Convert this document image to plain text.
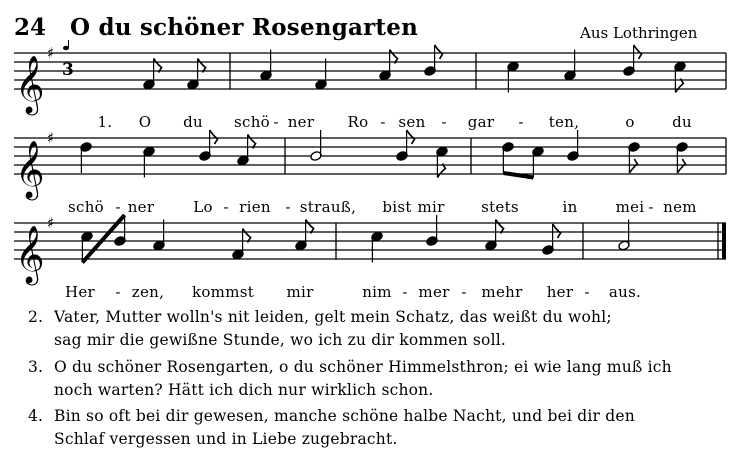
24 O du schöner Rosengarten	Aus Lothringen
𝄞
♯
3
𝄞
♯
𝄞
♯
1. O du schö - ner Ro - sen - gar - ten,	o du
schö - ner	Lo - rien - strauß, bist mir stets	in	mei - nem
Her - zen, kommst mir	nim - mer - mehr her - aus.
2. Vater, Mutter wolln's nit leiden, gelt mein Schatz, das weißt du wohl;
sag mir die gewißne Stunde, wo ich zu dir kommen soll.
3. O du schöner Rosengarten, o du schöner Himmelsthron; ei wie lang muß ich
noch warten? Hätt ich dich nur wirklich schon.
4. Bin so oft bei dir gewesen, manche schöne halbe Nacht, und bei dir den
Schlaf vergessen und in Liebe zugebracht.
